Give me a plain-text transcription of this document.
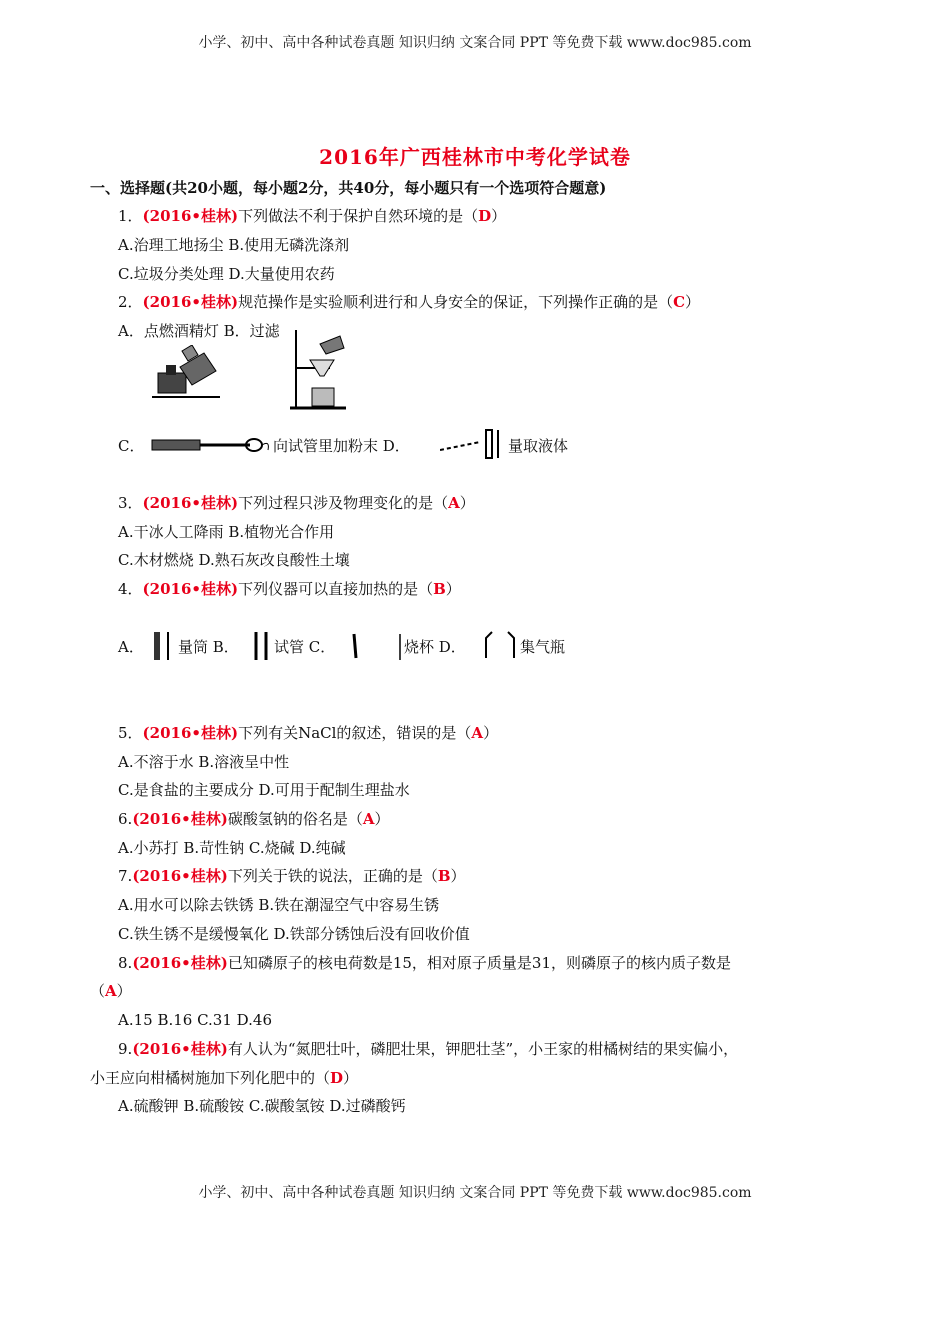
小学、初中、高中各种试卷真题 知识归纳 文案合同 PPT 等免费下载 www.doc985.com
2016年广西桂林市中考化学试卷
一、选择题(共20小题，每小题2分，共40分，每小题只有一个选项符合题意)
1．(2016•桂林)下列做法不利于保护自然环境的是（D）
A.治理工地扬尘 B.使用无磷洗涤剂
C.垃圾分类处理 D.大量使用农药
2．(2016•桂林)规范操作是实验顺利进行和人身安全的保证，下列操作正确的是（C）
A．点燃酒精灯 B．过滤
C．	向试管里加粉末 D．	量取液体
3．(2016•桂林)下列过程只涉及物理变化的是（A）
A.干冰人工降雨 B.植物光合作用
C.木材燃烧 D.熟石灰改良酸性土壤
4．(2016•桂林)下列仪器可以直接加热的是（B）
A． 量筒 B． 试管 C．	烧杯 D．	集气瓶
5．(2016•桂林)下列有关NaCl的叙述，错误的是（A）
A.不溶于水 B.溶液呈中性
C.是食盐的主要成分 D.可用于配制生理盐水
6.(2016•桂林)碳酸氢钠的俗名是（A）
A.小苏打 B.苛性钠 C.烧碱 D.纯碱
7.(2016•桂林)下列关于铁的说法，正确的是（B）
A.用水可以除去铁锈 B.铁在潮湿空气中容易生锈
C.铁生锈不是缓慢氧化 D.铁部分锈蚀后没有回收价值
8.(2016•桂林)已知磷原子的核电荷数是15，相对原子质量是31，则磷原子的核内质子数是
（A）
A.15 B.16 C.31 D.46
9.(2016•桂林)有人认为“氮肥壮叶，磷肥壮果，钾肥壮茎”，小王家的柑橘树结的果实偏小，
小王应向柑橘树施加下列化肥中的（D）
A.硫酸钾 B.硫酸铵 C.碳酸氢铵 D.过磷酸钙
小学、初中、高中各种试卷真题 知识归纳 文案合同 PPT 等免费下载 www.doc985.com
